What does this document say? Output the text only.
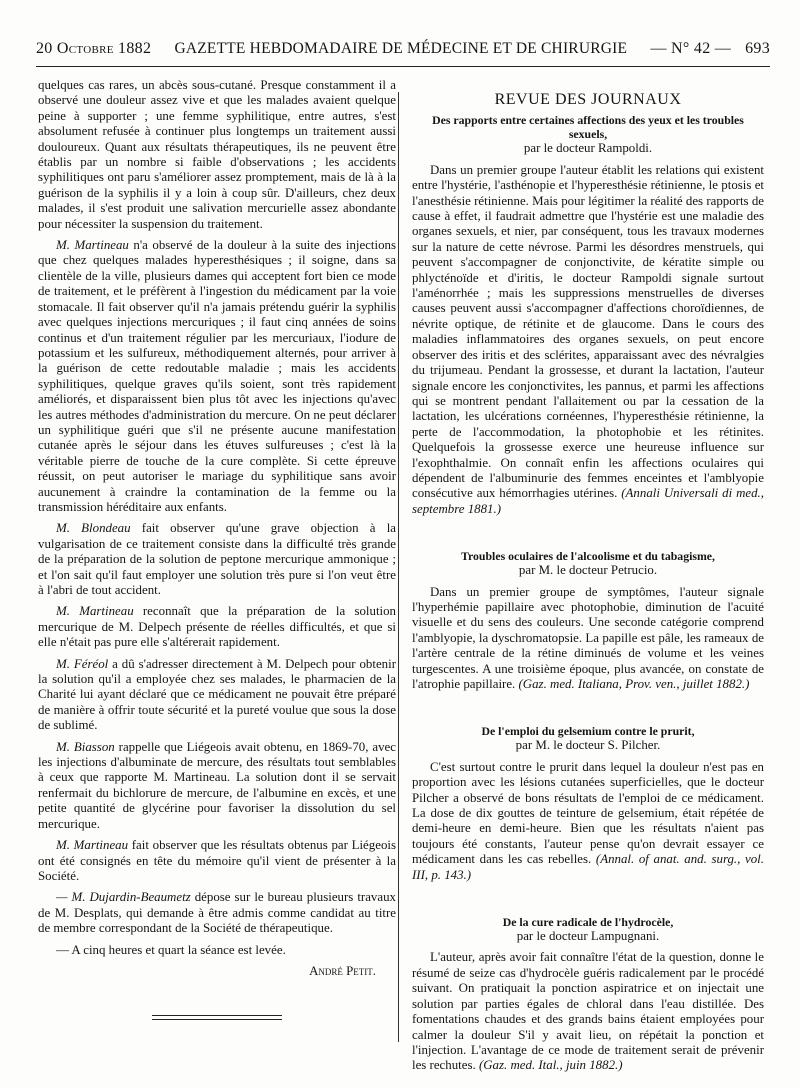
20 Octobre 1882 GAZETTE HEBDOMADAIRE DE MÉDECINE ET DE CHIRURGIE — N° 42 — 693

quelques cas rares, un abcès sous-cutané. Presque constamment il a observé une douleur assez vive et que les malades avaient quelque peine à supporter ; une femme syphilitique, entre autres, s'est absolument refusée à continuer plus longtemps un traitement aussi douloureux. Quant aux résultats thérapeutiques, ils ne peuvent être établis par un nombre si faible d'observations ; les accidents syphilitiques ont paru s'améliorer assez promptement, mais de là à la guérison de la syphilis il y a loin à coup sûr. D'ailleurs, chez deux malades, il s'est produit une salivation mercurielle assez abondante pour nécessiter la suspension du traitement.

M. Martineau n'a observé de la douleur à la suite des injections que chez quelques malades hyperesthésiques ; il soigne, dans sa clientèle de la ville, plusieurs dames qui acceptent fort bien ce mode de traitement, et le préfèrent à l'ingestion du médicament par la voie stomacale. Il fait observer qu'il n'a jamais prétendu guérir la syphilis avec quelques injections mercuriques ; il faut cinq années de soins continus et d'un traitement régulier par les mercuriaux, l'iodure de potassium et les sulfureux, méthodiquement alternés, pour arriver à la guérison de cette redoutable maladie ; mais les accidents syphilitiques, quelque graves qu'ils soient, sont très rapidement améliorés, et disparaissent bien plus tôt avec les injections qu'avec les autres méthodes d'administration du mercure. On ne peut déclarer un syphilitique guéri que s'il ne présente aucune manifestation cutanée après le séjour dans les étuves sulfureuses ; c'est là la véritable pierre de touche de la cure complète. Si cette épreuve réussit, on peut autoriser le mariage du syphilitique sans avoir aucunement à craindre la contamination de la femme ou la transmission héréditaire aux enfants.

M. Blondeau fait observer qu'une grave objection à la vulgarisation de ce traitement consiste dans la difficulté très grande de la préparation de la solution de peptone mercurique ammonique ; et l'on sait qu'il faut employer une solution très pure si l'on veut être à l'abri de tout accident.

M. Martineau reconnaît que la préparation de la solution mercurique de M. Delpech présente de réelles difficultés, et que si elle n'était pas pure elle s'altérerait rapidement.

M. Féréol a dû s'adresser directement à M. Delpech pour obtenir la solution qu'il a employée chez ses malades, le pharmacien de la Charité lui ayant déclaré que ce médicament ne pouvait être préparé de manière à offrir toute sécurité et la pureté voulue que sous la dose de sublimé.

M. Biasson rappelle que Liégeois avait obtenu, en 1869-70, avec les injections d'albuminate de mercure, des résultats tout semblables à ceux que rapporte M. Martineau. La solution dont il se servait renfermait du bichlorure de mercure, de l'albumine en excès, et une petite quantité de glycérine pour favoriser la dissolution du sel mercurique.

M. Martineau fait observer que les résultats obtenus par Liégeois ont été consignés en tête du mémoire qu'il vient de présenter à la Société.

— M. Dujardin-Beaumetz dépose sur le bureau plusieurs travaux de M. Desplats, qui demande à être admis comme candidat au titre de membre correspondant de la Société de thérapeutique.

— A cinq heures et quart la séance est levée.

André Petit.

REVUE DES JOURNAUX

Des rapports entre certaines affections des yeux et les troubles sexuels,

par le docteur Rampoldi.

Dans un premier groupe l'auteur établit les relations qui existent entre l'hystérie, l'asthénopie et l'hyperesthésie rétinienne, le ptosis et l'anesthésie rétinienne. Mais pour légitimer la réalité des rapports de cause à effet, il faudrait admettre que l'hystérie est une maladie des organes sexuels, et nier, par conséquent, tous les travaux modernes sur la nature de cette névrose. Parmi les désordres menstruels, qui peuvent s'accompagner de conjonctivite, de kératite simple ou phlycténoïde et d'iritis, le docteur Rampoldi signale surtout l'aménorrhée ; mais les suppressions menstruelles de diverses causes peuvent aussi s'accompagner d'affections choroïdiennes, de névrite optique, de rétinite et de glaucome. Dans le cours des maladies inflammatoires des organes sexuels, on peut encore observer des iritis et des sclérites, apparaissant avec des névralgies du trijumeau. Pendant la grossesse, et durant la lactation, l'auteur signale encore les conjonctivites, les pannus, et parmi les affections qui se montrent pendant l'allaitement ou par la cessation de la lactation, les ulcérations cornéennes, l'hyperesthésie rétinienne, la perte de l'accommodation, la photophobie et les rétinites. Quelquefois la grossesse exerce une heureuse influence sur l'exophthalmie. On connaît enfin les affections oculaires qui dépendent de l'albuminurie des femmes enceintes et l'amblyopie consécutive aux hémorrhagies utérines. (Annali Universali di med., septembre 1881.)

Troubles oculaires de l'alcoolisme et du tabagisme,

par M. le docteur Petrucio.

Dans un premier groupe de symptômes, l'auteur signale l'hyperhémie papillaire avec photophobie, diminution de l'acuité visuelle et du sens des couleurs. Une seconde catégorie comprend l'amblyopie, la dyschromatopsie. La papille est pâle, les rameaux de l'artère centrale de la rétine diminués de volume et les veines turgescentes. A une troisième époque, plus avancée, on constate de l'atrophie papillaire. (Gaz. med. Italiana, Prov. ven., juillet 1882.)

De l'emploi du gelsemium contre le prurit,

par M. le docteur S. Pilcher.

C'est surtout contre le prurit dans lequel la douleur n'est pas en proportion avec les lésions cutanées superficielles, que le docteur Pilcher a observé de bons résultats de l'emploi de ce médicament. La dose de dix gouttes de teinture de gelsemium, était répétée de demi-heure en demi-heure. Bien que les résultats n'aient pas toujours été constants, l'auteur pense qu'on devrait essayer ce médicament dans les cas rebelles. (Annal. of anat. and. surg., vol. III, p. 143.)

De la cure radicale de l'hydrocèle,

par le docteur Lampugnani.

L'auteur, après avoir fait connaître l'état de la question, donne le résumé de seize cas d'hydrocèle guéris radicalement par le procédé suivant. On pratiquait la ponction aspiratrice et on injectait une solution par parties égales de chloral dans l'eau distillée. Des fomentations chaudes et des grands bains étaient employées pour calmer la douleur S'il y avait lieu, on répétait la ponction et l'injection. L'avantage de ce mode de traitement serait de prévenir les rechutes. (Gaz. med. Ital., juin 1882.)
